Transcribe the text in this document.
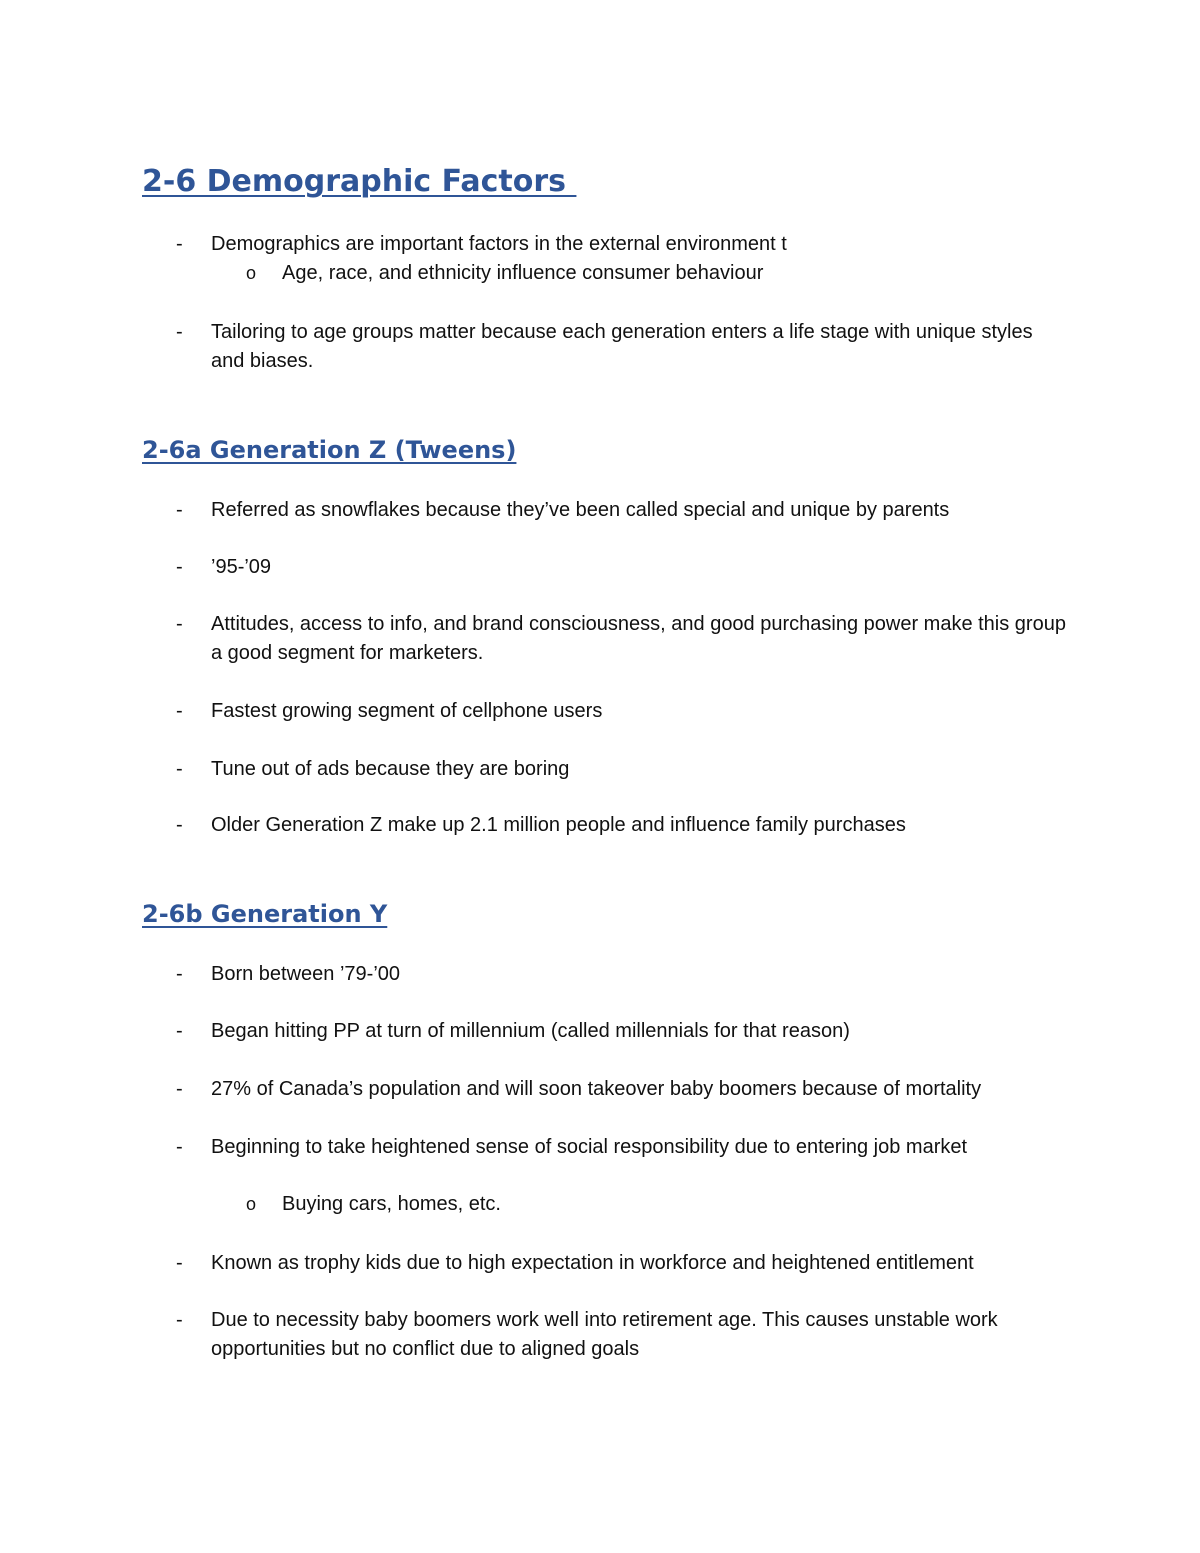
2-6 Demographic Factors
- Demographics are important factors in the external environment t
o Age, race, and ethnicity influence consumer behaviour
- Tailoring to age groups matter because each generation enters a life stage with unique styles and biases.
2-6a Generation Z (Tweens)
- Referred as snowflakes because they’ve been called special and unique by parents
- ’95-’09
- Attitudes, access to info, and brand consciousness, and good purchasing power make this group a good segment for marketers.
- Fastest growing segment of cellphone users
- Tune out of ads because they are boring
- Older Generation Z make up 2.1 million people and influence family purchases
2-6b Generation Y
- Born between ’79-’00
- Began hitting PP at turn of millennium (called millennials for that reason)
- 27% of Canada’s population and will soon takeover baby boomers because of mortality
- Beginning to take heightened sense of social responsibility due to entering job market
o Buying cars, homes, etc.
- Known as trophy kids due to high expectation in workforce and heightened entitlement
- Due to necessity baby boomers work well into retirement age. This causes unstable work opportunities but no conflict due to aligned goals
